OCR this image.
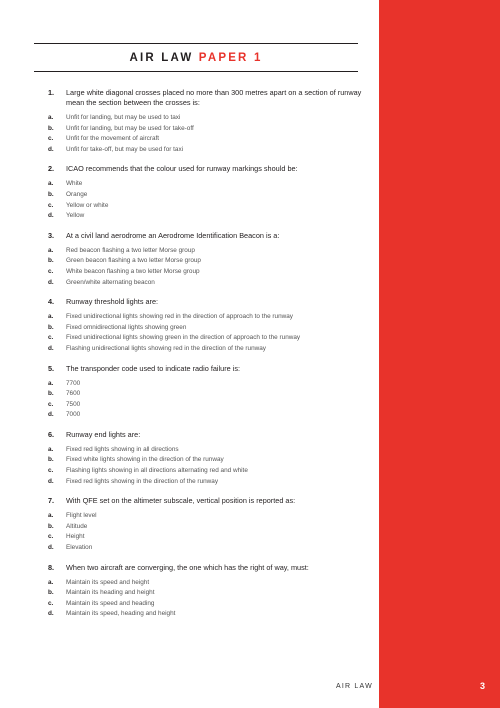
AIR LAW PAPER 1
1.	Large white diagonal crosses placed no more than 300 metres apart on a section of runway mean the section between the crosses is:
a.	Unfit for landing, but may be used to taxi
b.	Unfit for landing, but may be used for take-off
c.	Unfit for the movement of aircraft
d.	Unfit for take-off, but may be used for taxi
2.	ICAO recommends that the colour used for runway markings should be:
a.	White
b.	Orange
c.	Yellow or white
d.	Yellow
3.	At a civil land aerodrome an Aerodrome Identification Beacon is a:
a.	Red beacon flashing a two letter Morse group
b.	Green beacon flashing a two letter Morse group
c.	White beacon flashing a two letter Morse group
d.	Green/white alternating beacon
4.	Runway threshold lights are:
a.	Fixed unidirectional lights showing red in the direction of approach to the runway
b.	Fixed omnidirectional lights showing green
c.	Fixed unidirectional lights showing green in the direction of approach to the runway
d.	Flashing unidirectional lights showing red in the direction of the runway
5.	The transponder code used to indicate radio failure is:
a.	7700
b.	7600
c.	7500
d.	7000
6.	Runway end lights are:
a.	Fixed red lights showing in all directions
b.	Fixed white lights showing in the direction of the runway
c.	Flashing lights showing in all directions alternating red and white
d.	Fixed red lights showing in the direction of the runway
7.	With QFE set on the altimeter subscale, vertical position is reported as:
a.	Flight level
b.	Altitude
c.	Height
d.	Elevation
8.	When two aircraft are converging, the one which has the right of way, must:
a.	Maintain its speed and height
b.	Maintain its heading and height
c.	Maintain its speed and heading
d.	Maintain its speed, heading and height
AIR LAW	3
